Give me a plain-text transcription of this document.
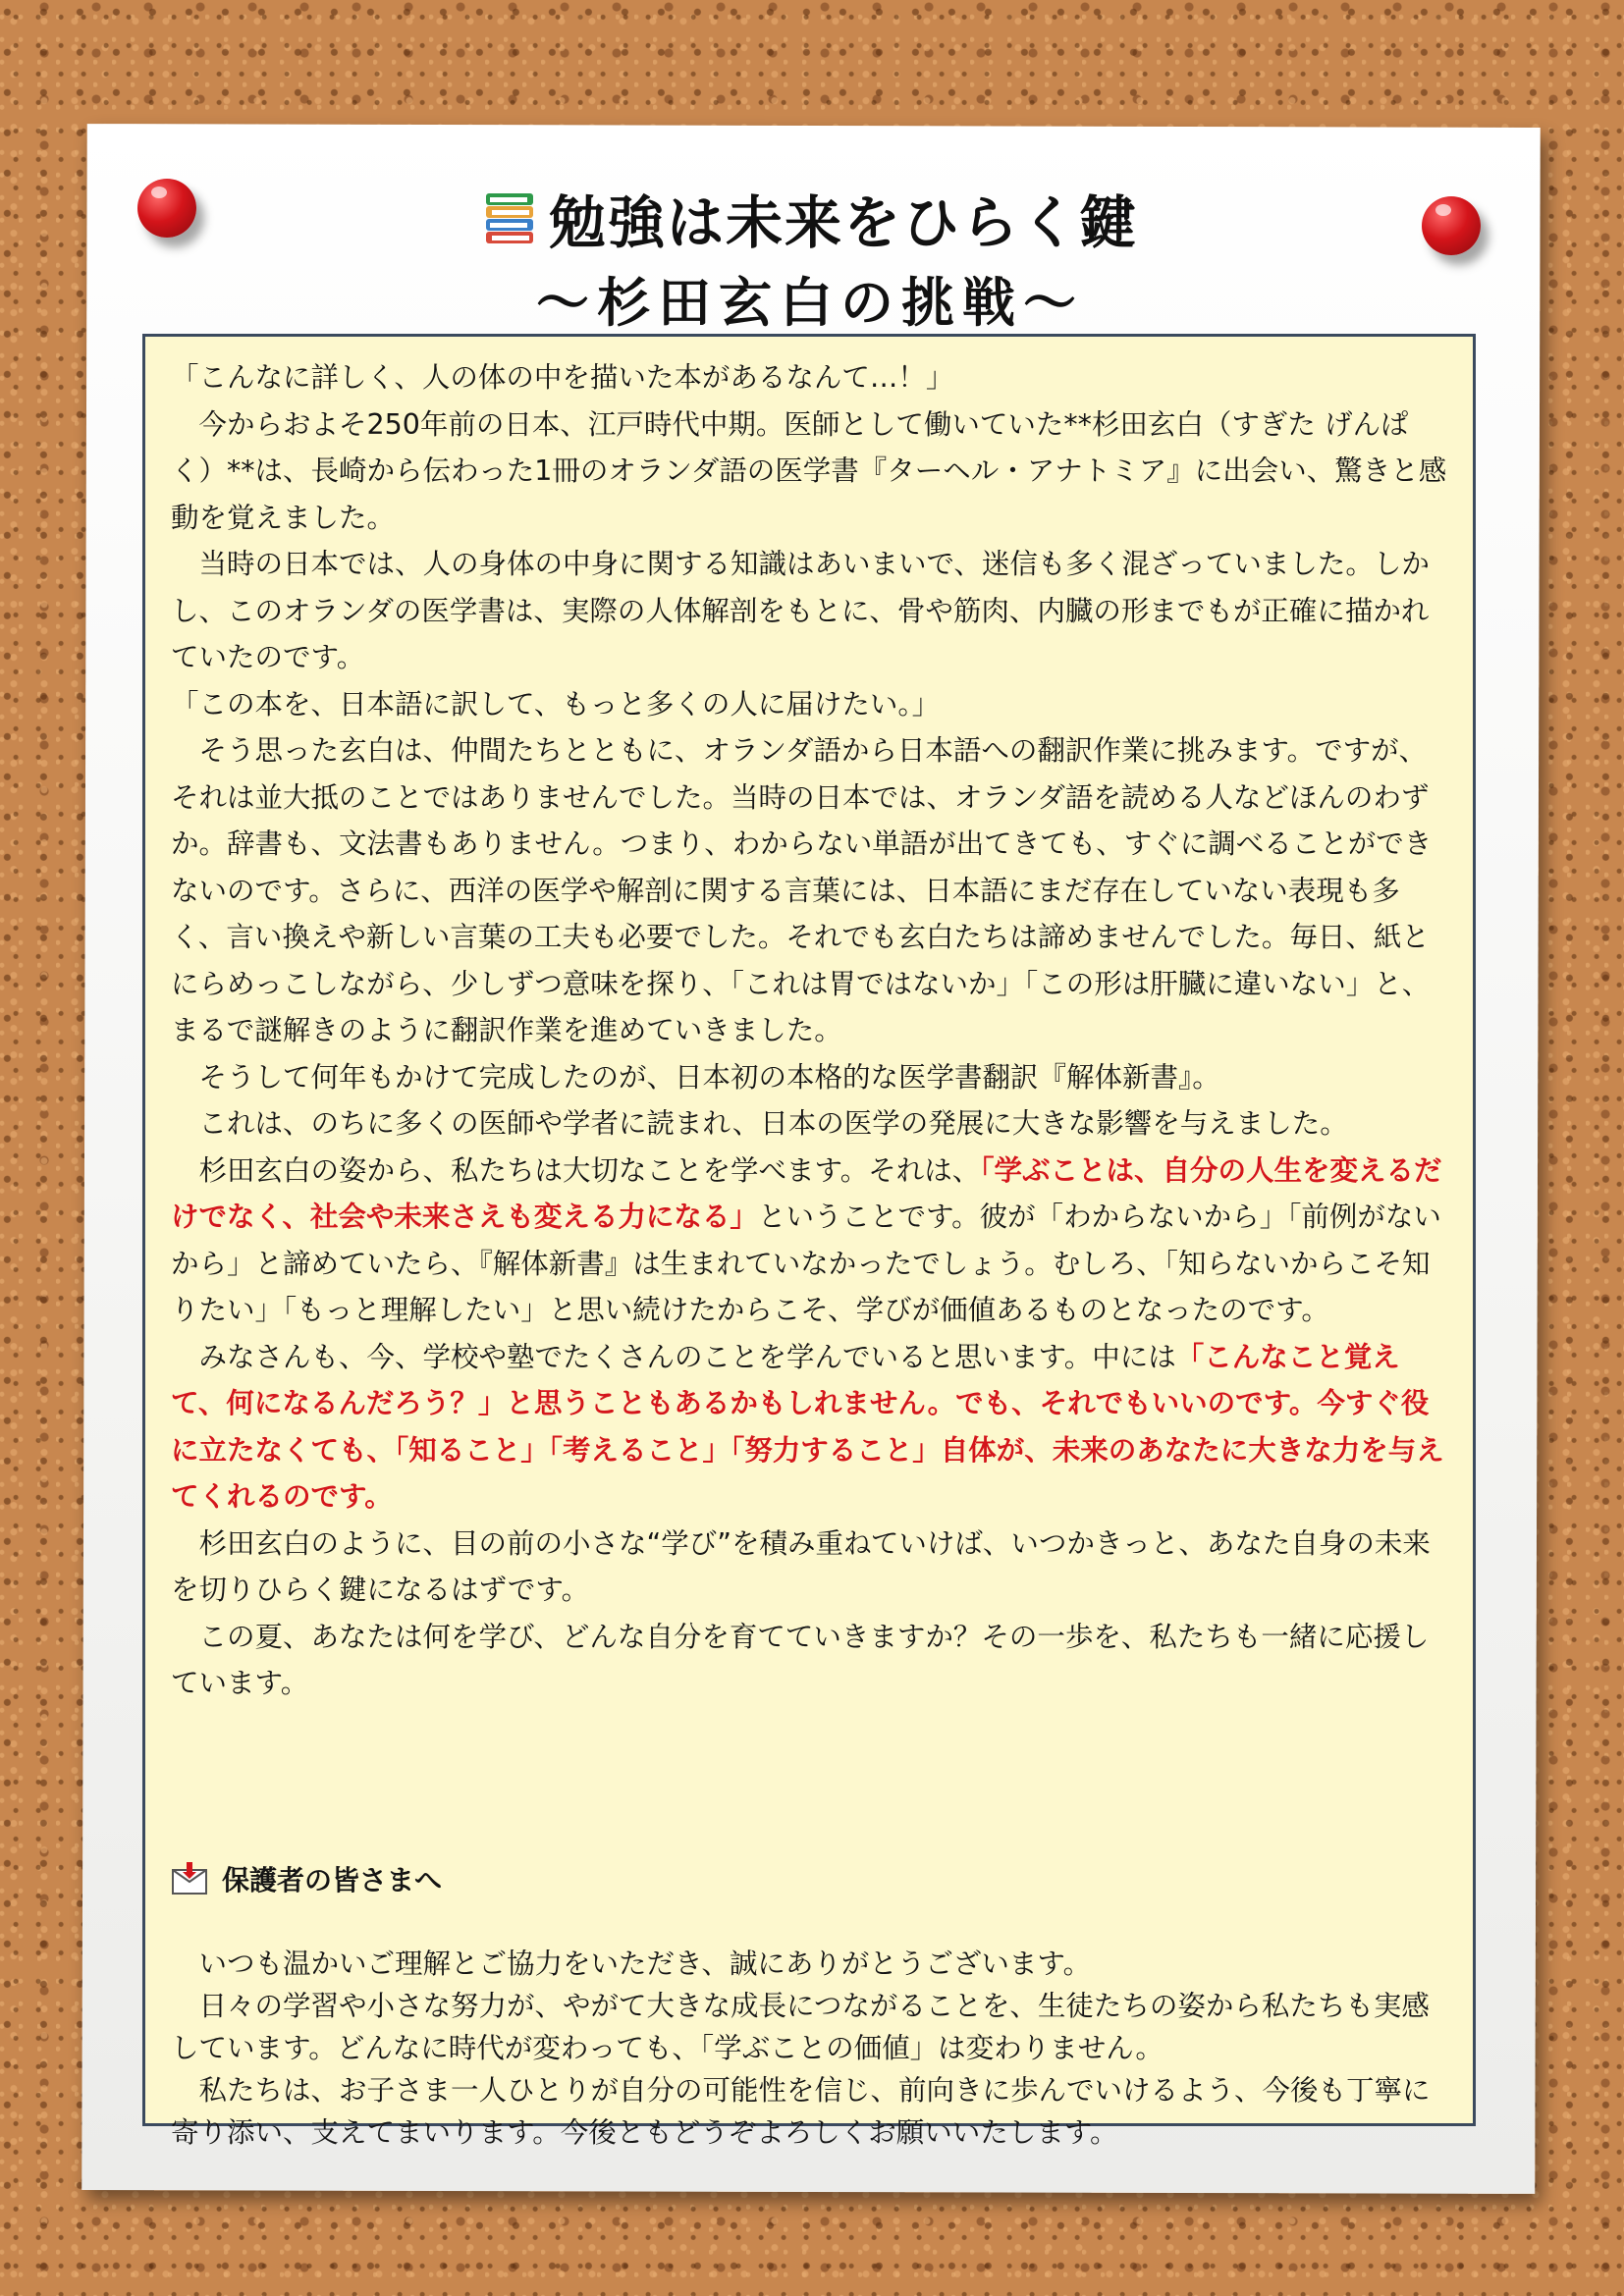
勉強は未来をひらく鍵
〜杉田玄白の挑戦〜

「こんなに詳しく、人の体の中を描いた本があるなんて…！」

　今からおよそ250年前の日本、江戸時代中期。医師として働いていた**杉田玄白（すぎた げんぱく）**は、長崎から伝わった1冊のオランダ語の医学書『ターヘル・アナトミア』に出会い、驚きと感動を覚えました。

　当時の日本では、人の身体の中身に関する知識はあいまいで、迷信も多く混ざっていました。しかし、このオランダの医学書は、実際の人体解剖をもとに、骨や筋肉、内臓の形までもが正確に描かれていたのです。

「この本を、日本語に訳して、もっと多くの人に届けたい。」

　そう思った玄白は、仲間たちとともに、オランダ語から日本語への翻訳作業に挑みます。ですが、それは並大抵のことではありませんでした。当時の日本では、オランダ語を読める人などほんのわずか。辞書も、文法書もありません。つまり、わからない単語が出てきても、すぐに調べることができないのです。さらに、西洋の医学や解剖に関する言葉には、日本語にまだ存在していない表現も多く、言い換えや新しい言葉の工夫も必要でした。それでも玄白たちは諦めませんでした。毎日、紙とにらめっこしながら、少しずつ意味を探り、「これは胃ではないか」「この形は肝臓に違いない」と、まるで謎解きのように翻訳作業を進めていきました。

　そうして何年もかけて完成したのが、日本初の本格的な医学書翻訳『解体新書』。

　これは、のちに多くの医師や学者に読まれ、日本の医学の発展に大きな影響を与えました。

　杉田玄白の姿から、私たちは大切なことを学べます。それは、「学ぶことは、自分の人生を変えるだけでなく、社会や未来さえも変える力になる」ということです。彼が「わからないから」「前例がないから」と諦めていたら、『解体新書』は生まれていなかったでしょう。むしろ、「知らないからこそ知りたい」「もっと理解したい」と思い続けたからこそ、学びが価値あるものとなったのです。

　みなさんも、今、学校や塾でたくさんのことを学んでいると思います。中には「こんなこと覚えて、何になるんだろう？」と思うこともあるかもしれません。でも、それでもいいのです。今すぐ役に立たなくても、「知ること」「考えること」「努力すること」自体が、未来のあなたに大きな力を与えてくれるのです。

　杉田玄白のように、目の前の小さな“学び”を積み重ねていけば、いつかきっと、あなた自身の未来を切りひらく鍵になるはずです。

　この夏、あなたは何を学び、どんな自分を育てていきますか？その一歩を、私たちも一緒に応援しています。

保護者の皆さまへ

　いつも温かいご理解とご協力をいただき、誠にありがとうございます。

　日々の学習や小さな努力が、やがて大きな成長につながることを、生徒たちの姿から私たちも実感しています。どんなに時代が変わっても、「学ぶことの価値」は変わりません。

　私たちは、お子さま一人ひとりが自分の可能性を信じ、前向きに歩んでいけるよう、今後も丁寧に寄り添い、支えてまいります。今後ともどうぞよろしくお願いいたします。
